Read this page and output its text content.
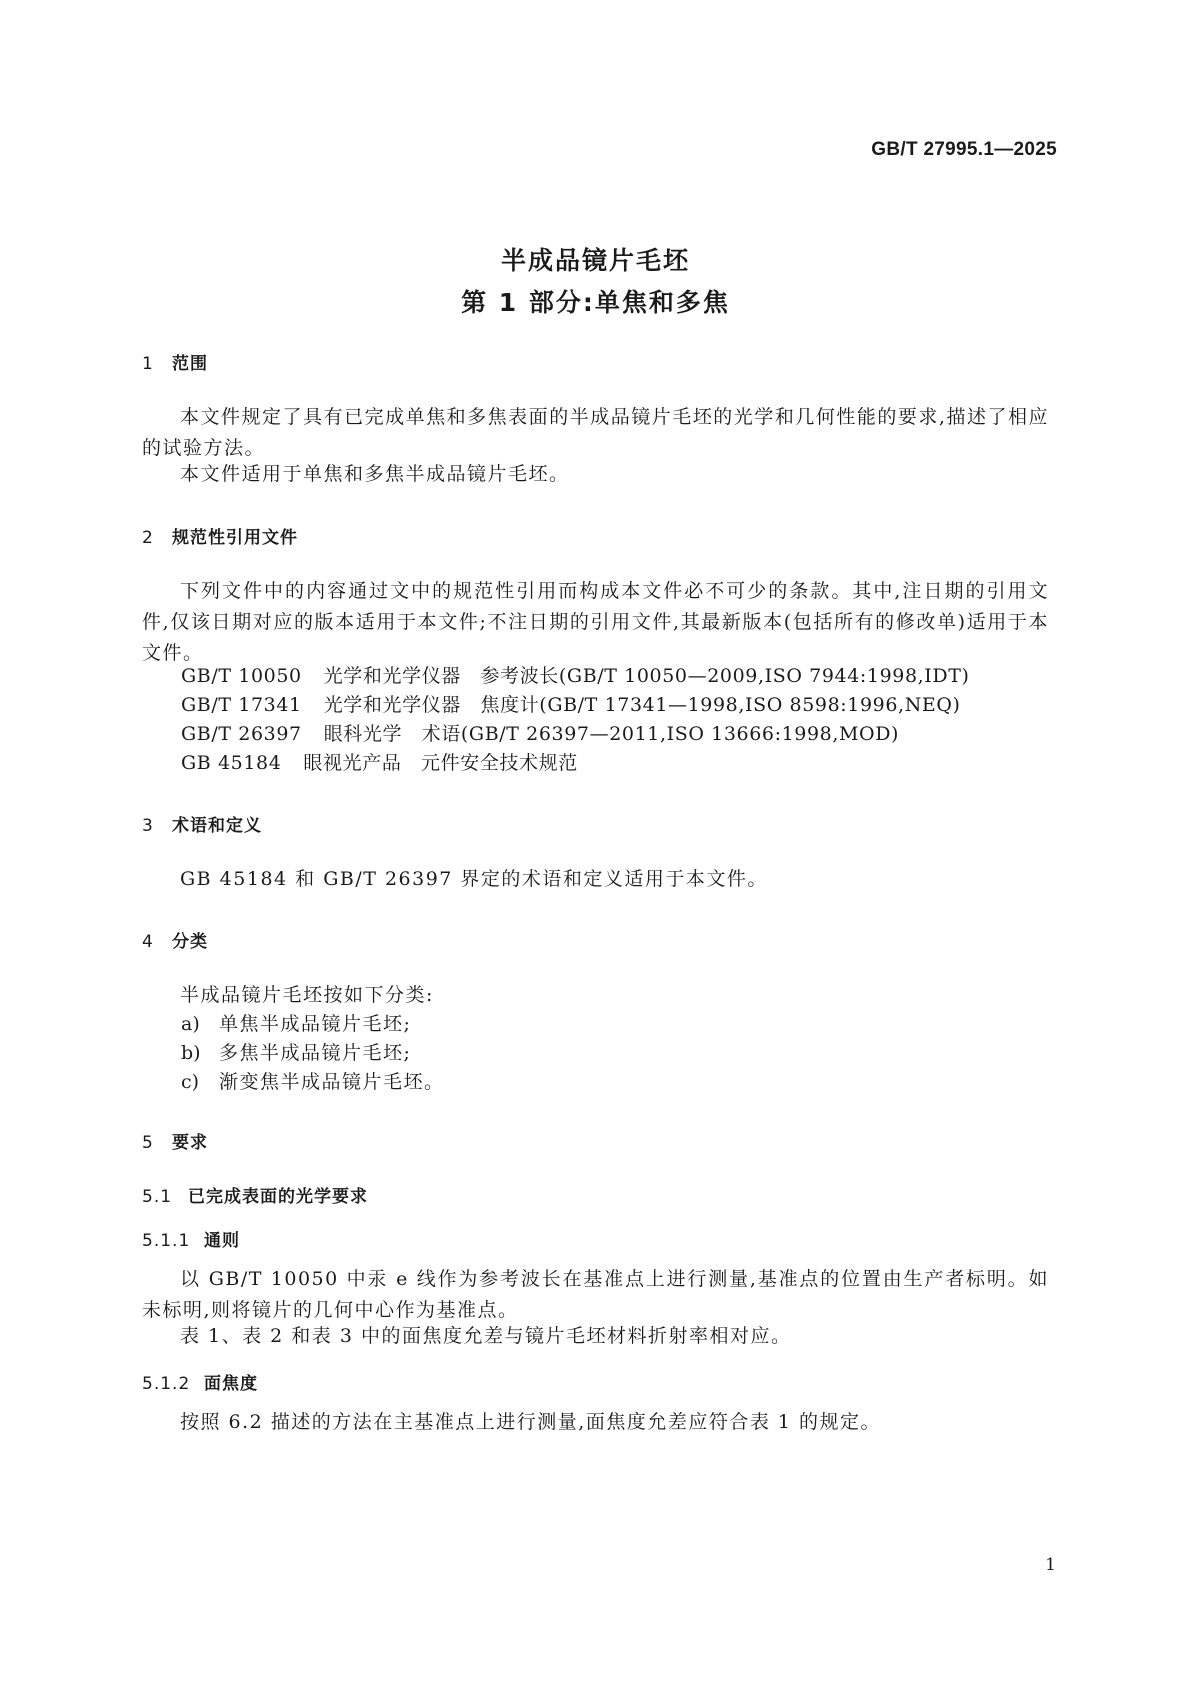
GB/T 27995.1—2025
半成品镜片毛坯
第 1 部分:单焦和多焦
1 范围
本文件规定了具有已完成单焦和多焦表面的半成品镜片毛坯的光学和几何性能的要求,描述了相应的试验方法。
本文件适用于单焦和多焦半成品镜片毛坯。
2 规范性引用文件
下列文件中的内容通过文中的规范性引用而构成本文件必不可少的条款。其中,注日期的引用文件,仅该日期对应的版本适用于本文件;不注日期的引用文件,其最新版本(包括所有的修改单)适用于本文件。
GB/T 10050 光学和光学仪器　参考波长(GB/T 10050—2009,ISO 7944:1998,IDT)
GB/T 17341 光学和光学仪器　焦度计(GB/T 17341—1998,ISO 8598:1996,NEQ)
GB/T 26397 眼科光学　术语(GB/T 26397—2011,ISO 13666:1998,MOD)
GB 45184 眼视光产品　元件安全技术规范
3 术语和定义
GB 45184 和 GB/T 26397 界定的术语和定义适用于本文件。
4 分类
半成品镜片毛坯按如下分类:
a) 单焦半成品镜片毛坯;
b) 多焦半成品镜片毛坯;
c) 渐变焦半成品镜片毛坯。
5 要求
5.1 已完成表面的光学要求
5.1.1 通则
以 GB/T 10050 中汞 e 线作为参考波长在基准点上进行测量,基准点的位置由生产者标明。如未标明,则将镜片的几何中心作为基准点。
表 1、表 2 和表 3 中的面焦度允差与镜片毛坯材料折射率相对应。
5.1.2 面焦度
按照 6.2 描述的方法在主基准点上进行测量,面焦度允差应符合表 1 的规定。
1
